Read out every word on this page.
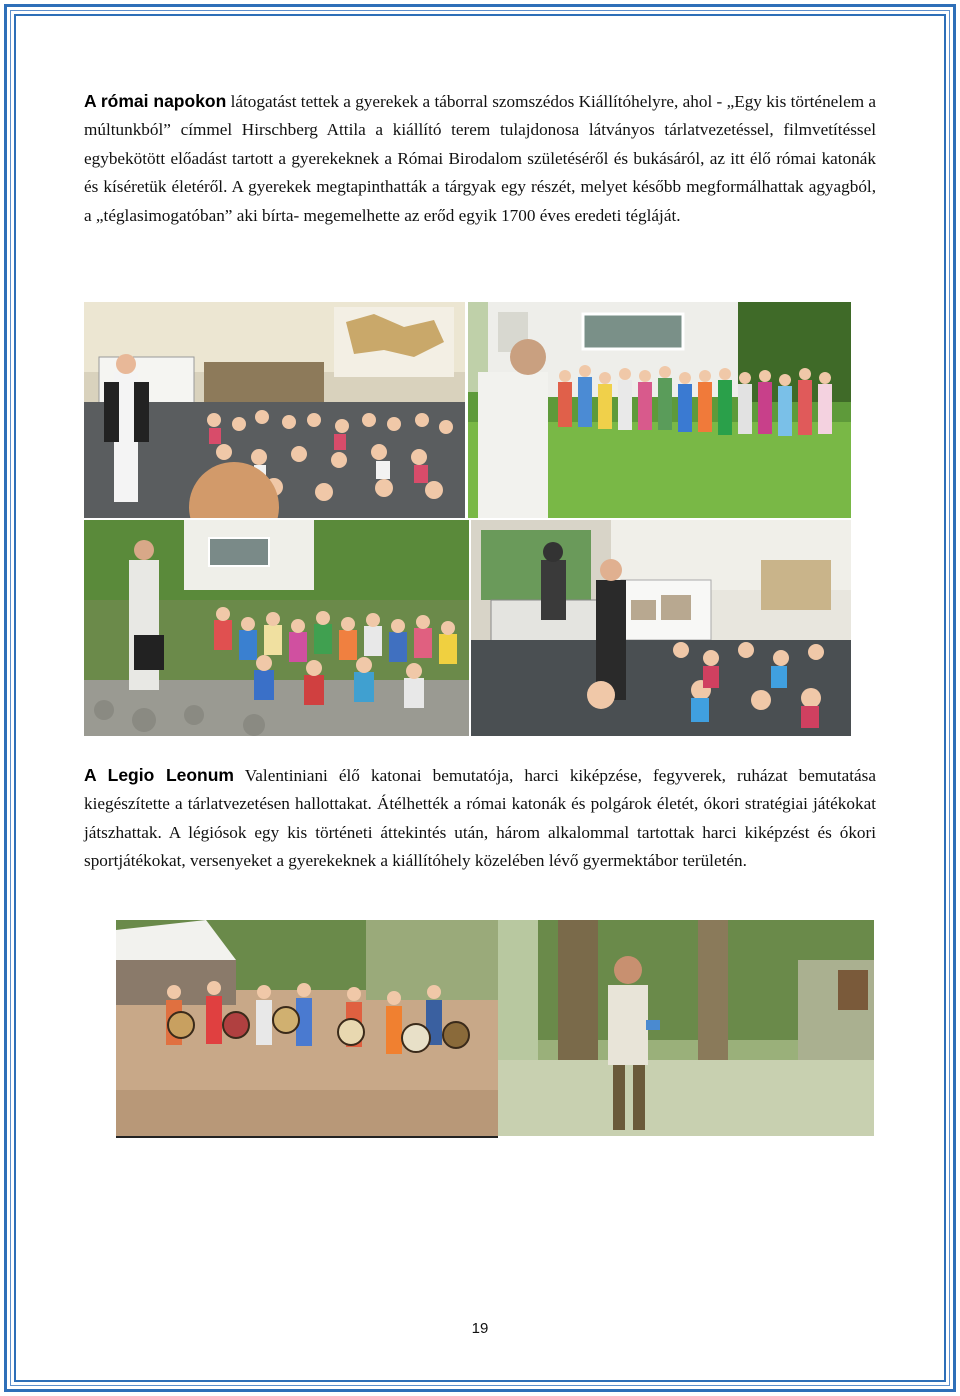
A római napokon látogatást tettek a gyerekek a táborral szomszédos Kiállítóhelyre, ahol - „Egy kis történelem a múltunkból” címmel Hirschberg Attila a kiállító terem tulajdonosa látványos tárlatvezetéssel, filmvetítéssel egybekötött előadást tartott a gyerekeknek a Római Birodalom születéséről és bukásáról, az itt élő római katonák és kíséretük életéről. A gyerekek megtapinthatták a tárgyak egy részét, melyet később megformálhattak agyagból, a „téglasimogatóban” aki bírta- megemelhette az erőd egyik 1700 éves eredeti tégláját.

A Legio Leonum Valentiniani élő katonai bemutatója, harci kiképzése, fegyverek, ruházat bemutatása kiegészítette a tárlatvezetésen hallottakat. Átélhették a római katonák és polgárok életét, ókori stratégiai játékokat játszhattak. A légiósok egy kis történeti áttekintés után, három alkalommal tartottak harci kiképzést és ókori sportjátékokat, versenyeket a gyerekeknek a kiállítóhely közelében lévő gyermektábor területén.

19
